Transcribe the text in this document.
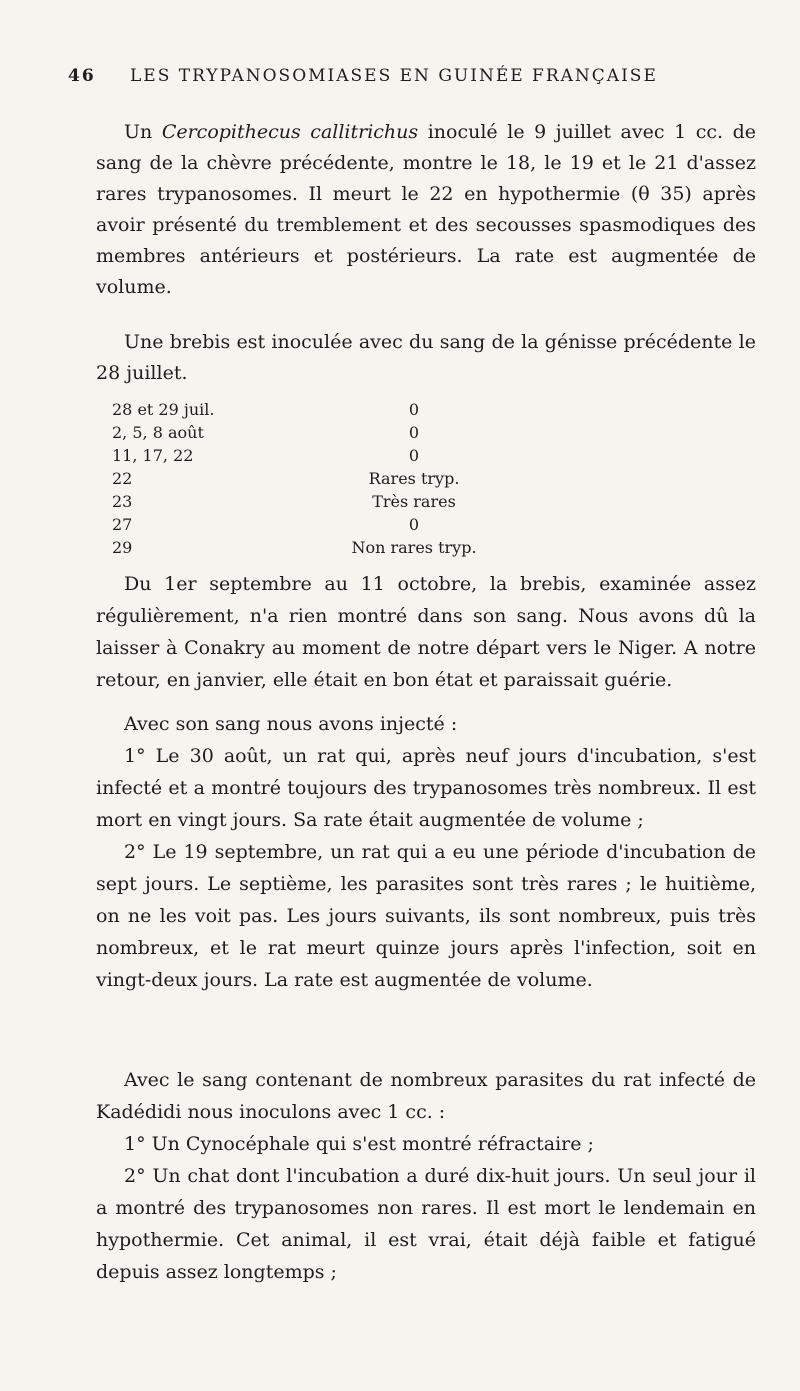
46 LES TRYPANOSOMIASES EN GUINÉE FRANÇAISE

Un Cercopithecus callitrichus inoculé le 9 juillet avec 1 cc. de sang de la chèvre précédente, montre le 18, le 19 et le 21 d'assez rares trypanosomes. Il meurt le 22 en hypothermie (θ 35) après avoir présenté du tremblement et des secousses spasmodiques des membres antérieurs et postérieurs. La rate est augmentée de volume.

Une brebis est inoculée avec du sang de la génisse précédente le 28 juillet.

28 et 29 juil.	0
2, 5, 8 août	0
11, 17, 22	0
22	Rares tryp.
23	Très rares
27	0
29	Non rares tryp.

Du 1er septembre au 11 octobre, la brebis, examinée assez régulièrement, n'a rien montré dans son sang. Nous avons dû la laisser à Conakry au moment de notre départ vers le Niger. A notre retour, en janvier, elle était en bon état et paraissait guérie.

Avec son sang nous avons injecté :

1° Le 30 août, un rat qui, après neuf jours d'incubation, s'est infecté et a montré toujours des trypanosomes très nombreux. Il est mort en vingt jours. Sa rate était augmentée de volume ;

2° Le 19 septembre, un rat qui a eu une période d'incubation de sept jours. Le septième, les parasites sont très rares ; le huitième, on ne les voit pas. Les jours suivants, ils sont nombreux, puis très nombreux, et le rat meurt quinze jours après l'infection, soit en vingt-deux jours. La rate est augmentée de volume.

Avec le sang contenant de nombreux parasites du rat infecté de Kadédidi nous inoculons avec 1 cc. :

1° Un Cynocéphale qui s'est montré réfractaire ;

2° Un chat dont l'incubation a duré dix-huit jours. Un seul jour il a montré des trypanosomes non rares. Il est mort le lendemain en hypothermie. Cet animal, il est vrai, était déjà faible et fatigué depuis assez longtemps ;
